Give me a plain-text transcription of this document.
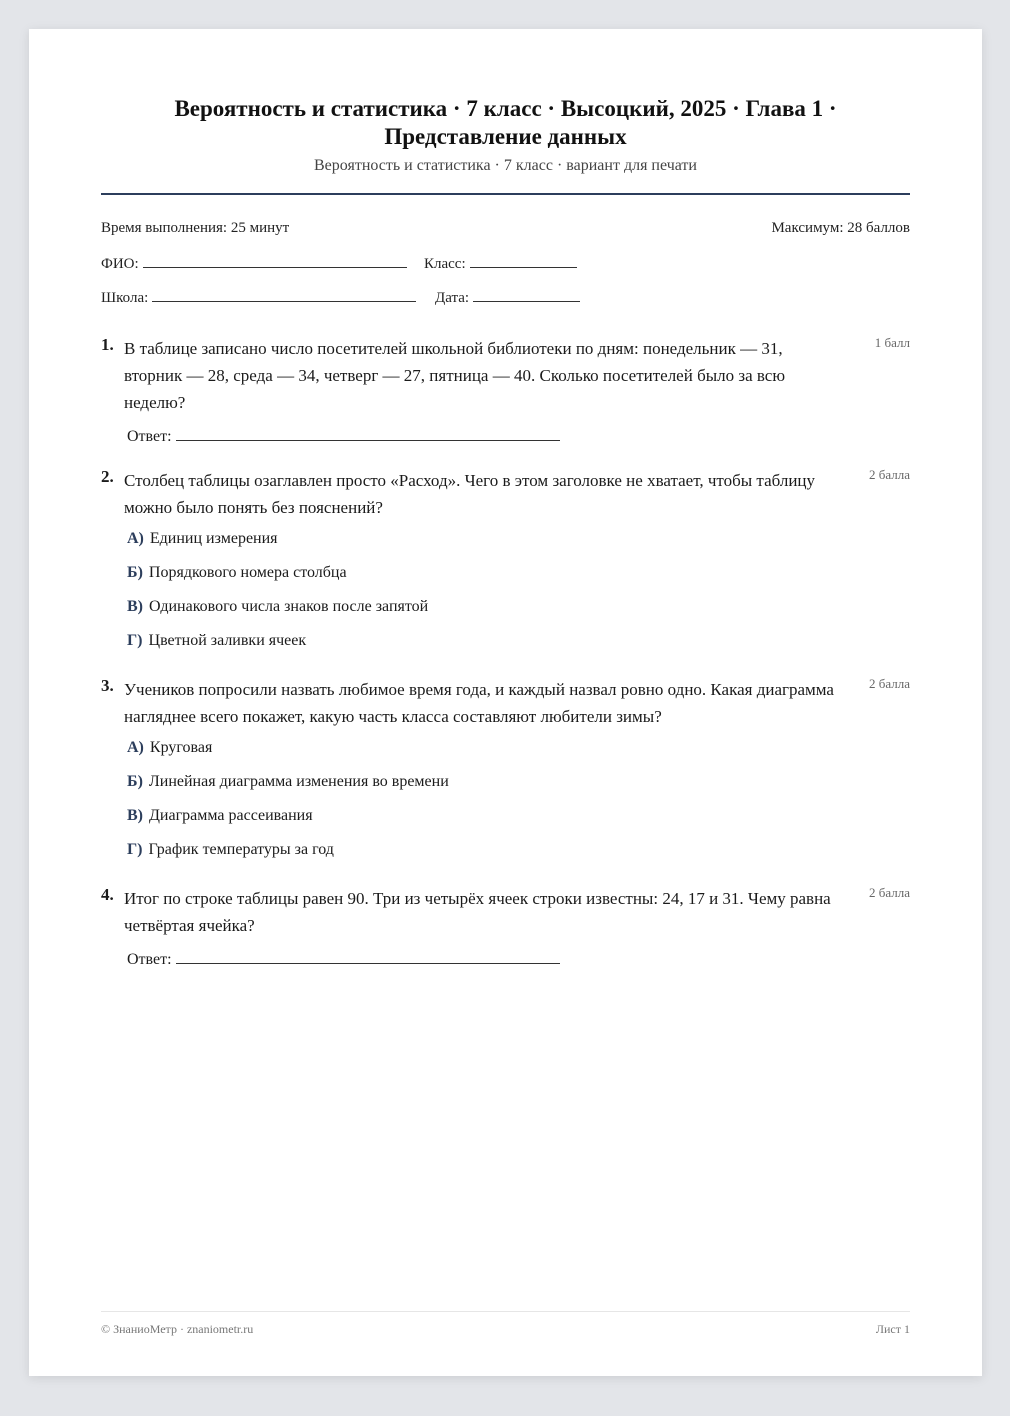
Вероятность и статистика · 7 класс · Высоцкий, 2025 · Глава 1 · Представление данных
Вероятность и статистика · 7 класс · вариант для печати
Время выполнения: 25 минут	Максимум: 28 баллов
ФИО:	Класс:
Школа:	Дата:
1. В таблице записано число посетителей школьной библиотеки по дням: понедельник — 31, вторник — 28, среда — 34, четверг — 27, пятница — 40. Сколько посетителей было за всю неделю?
1 балл
Ответ:
2. Столбец таблицы озаглавлен просто «Расход». Чего в этом заголовке не хватает, чтобы таблицу можно было понять без пояснений?
2 балла
А) Единиц измерения
Б) Порядкового номера столбца
В) Одинакового числа знаков после запятой
Г) Цветной заливки ячеек
3. Учеников попросили назвать любимое время года, и каждый назвал ровно одно. Какая диаграмма нагляднее всего покажет, какую часть класса составляют любители зимы?
2 балла
А) Круговая
Б) Линейная диаграмма изменения во времени
В) Диаграмма рассеивания
Г) График температуры за год
4. Итог по строке таблицы равен 90. Три из четырёх ячеек строки известны: 24, 17 и 31. Чему равна четвёртая ячейка?
2 балла
Ответ:
© ЗнаниоМетр · znaniometr.ru	Лист 1
